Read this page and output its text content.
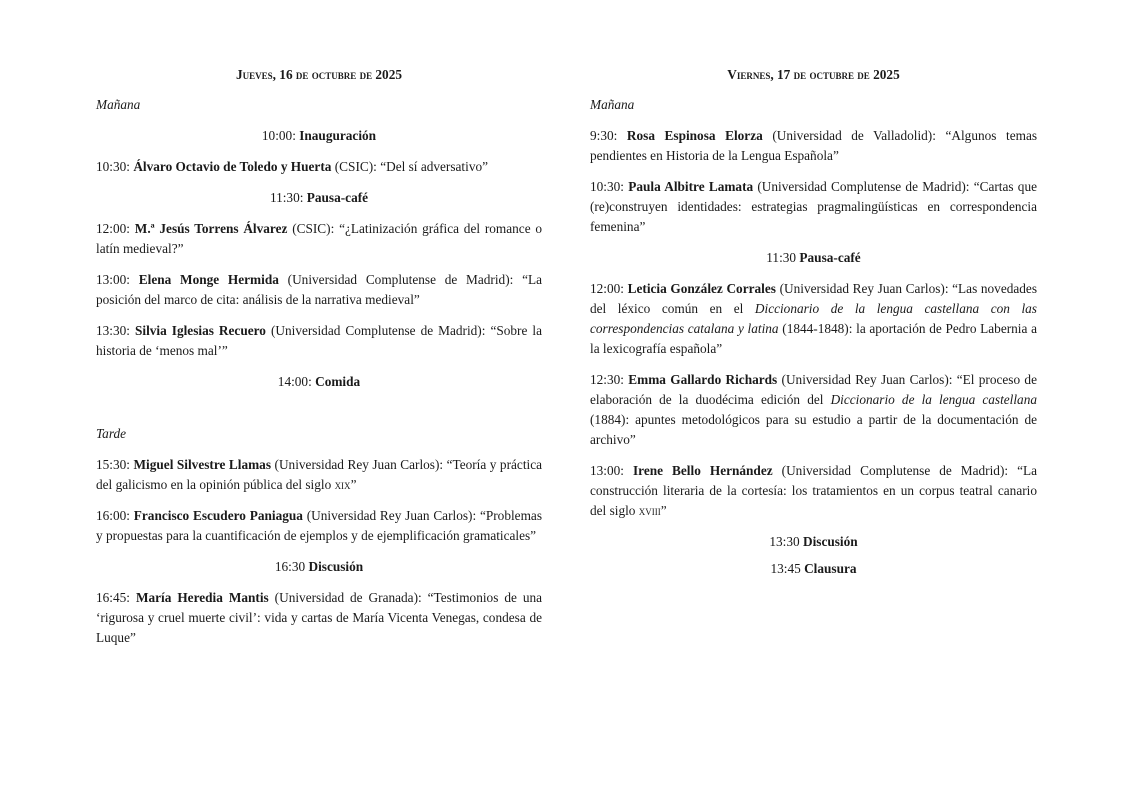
Jueves, 16 de octubre de 2025
Mañana
10:00: Inauguración
10:30: Álvaro Octavio de Toledo y Huerta (CSIC): “Del sí adversativo”
11:30: Pausa-café
12:00: M.ª Jesús Torrens Álvarez (CSIC): “¿Latinización gráfica del romance o latín medieval?”
13:00: Elena Monge Hermida (Universidad Complutense de Madrid): “La posición del marco de cita: análisis de la narrativa medieval”
13:30: Silvia Iglesias Recuero (Universidad Complutense de Madrid): “Sobre la historia de ‘menos mal’”
14:00: Comida
Tarde
15:30: Miguel Silvestre Llamas (Universidad Rey Juan Carlos): “Teoría y práctica del galicismo en la opinión pública del siglo xix”
16:00: Francisco Escudero Paniagua (Universidad Rey Juan Carlos): “Problemas y propuestas para la cuantificación de ejemplos y de ejemplificación gramaticales”
16:30 Discusión
16:45: María Heredia Mantis (Universidad de Granada): “Testimonios de una ‘rigurosa y cruel muerte civil’: vida y cartas de María Vicenta Venegas, condesa de Luque”
Viernes, 17 de octubre de 2025
Mañana
9:30: Rosa Espinosa Elorza (Universidad de Valladolid): “Algunos temas pendientes en Historia de la Lengua Española”
10:30: Paula Albitre Lamata (Universidad Complutense de Madrid): “Cartas que (re)construyen identidades: estrategias pragmalingüísticas en correspondencia femenina”
11:30 Pausa-café
12:00: Leticia González Corrales (Universidad Rey Juan Carlos): “Las novedades del léxico común en el Diccionario de la lengua castellana con las correspondencias catalana y latina (1844-1848): la aportación de Pedro Labernia a la lexicografía española”
12:30: Emma Gallardo Richards (Universidad Rey Juan Carlos): “El proceso de elaboración de la duodécima edición del Diccionario de la lengua castellana (1884): apuntes metodológicos para su estudio a partir de la documentación de archivo”
13:00: Irene Bello Hernández (Universidad Complutense de Madrid): “La construcción literaria de la cortesía: los tratamientos en un corpus teatral canario del siglo xviii”
13:30 Discusión
13:45 Clausura
